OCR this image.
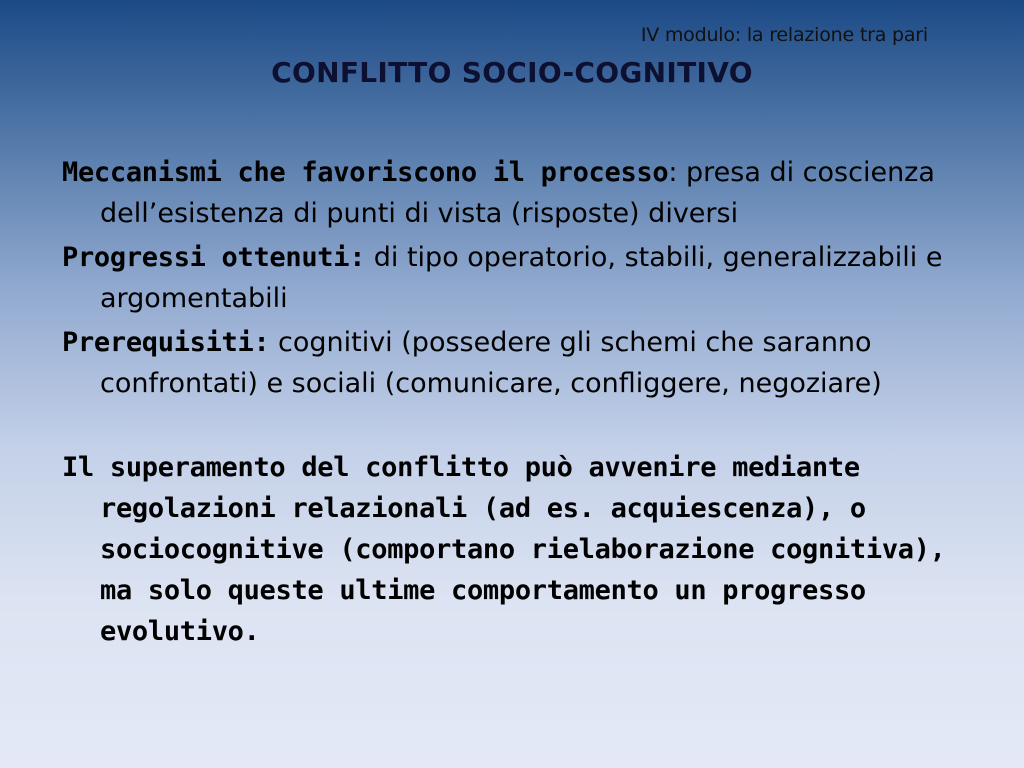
IV modulo: la relazione tra pari
CONFLITTO SOCIO-COGNITIVO

Meccanismi che favoriscono il processo: presa di coscienza dell’esistenza di punti di vista (risposte) diversi

Progressi ottenuti: di tipo operatorio, stabili, generalizzabili e argomentabili

Prerequisiti: cognitivi (possedere gli schemi che saranno confrontati) e sociali (comunicare, confliggere, negoziare)

Il superamento del conflitto può avvenire mediante regolazioni relazionali (ad es. acquiescenza), o sociocognitive (comportano rielaborazione cognitiva), ma solo queste ultime comportamento un progresso evolutivo.
